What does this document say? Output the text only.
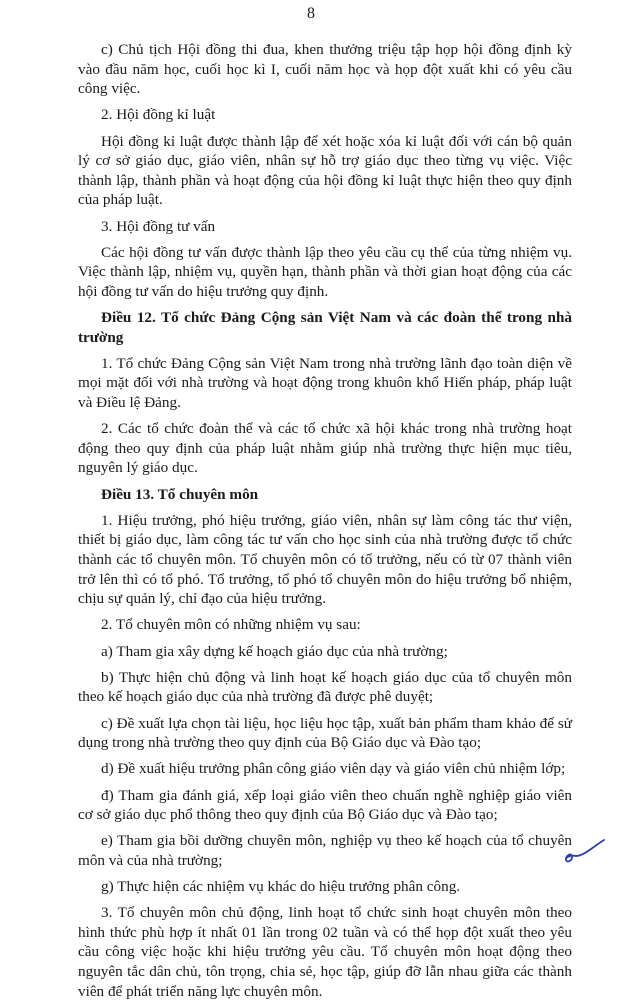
8

c) Chủ tịch Hội đồng thi đua, khen thưởng triệu tập họp hội đồng định kỳ vào đầu năm học, cuối học kì I, cuối năm học và họp đột xuất khi có yêu cầu công việc.

2. Hội đồng kỉ luật

Hội đồng kỉ luật được thành lập để xét hoặc xóa kỉ luật đối với cán bộ quản lý cơ sở giáo dục, giáo viên, nhân sự hỗ trợ giáo dục theo từng vụ việc. Việc thành lập, thành phần và hoạt động của hội đồng kỉ luật thực hiện theo quy định của pháp luật.

3. Hội đồng tư vấn

Các hội đồng tư vấn được thành lập theo yêu cầu cụ thể của từng nhiệm vụ. Việc thành lập, nhiệm vụ, quyền hạn, thành phần và thời gian hoạt động của các hội đồng tư vấn do hiệu trưởng quy định.

Điều 12. Tổ chức Đảng Cộng sản Việt Nam và các đoàn thể trong nhà trường

1. Tổ chức Đảng Cộng sản Việt Nam trong nhà trường lãnh đạo toàn diện về mọi mặt đối với nhà trường và hoạt động trong khuôn khổ Hiến pháp, pháp luật và Điều lệ Đảng.

2. Các tổ chức đoàn thể và các tổ chức xã hội khác trong nhà trường hoạt động theo quy định của pháp luật nhằm giúp nhà trường thực hiện mục tiêu, nguyên lý giáo dục.

Điều 13. Tổ chuyên môn

1. Hiệu trưởng, phó hiệu trưởng, giáo viên, nhân sự làm công tác thư viện, thiết bị giáo dục, làm công tác tư vấn cho học sinh của nhà trường được tổ chức thành các tổ chuyên môn. Tổ chuyên môn có tổ trưởng, nếu có từ 07 thành viên trở lên thì có tổ phó. Tổ trưởng, tổ phó tổ chuyên môn do hiệu trưởng bổ nhiệm, chịu sự quản lý, chỉ đạo của hiệu trưởng.

2. Tổ chuyên môn có những nhiệm vụ sau:

a) Tham gia xây dựng kế hoạch giáo dục của nhà trường;

b) Thực hiện chủ động và linh hoạt kế hoạch giáo dục của tổ chuyên môn theo kế hoạch giáo dục của nhà trường đã được phê duyệt;

c) Đề xuất lựa chọn tài liệu, học liệu học tập, xuất bản phẩm tham khảo để sử dụng trong nhà trường theo quy định của Bộ Giáo dục và Đào tạo;

d) Đề xuất hiệu trưởng phân công giáo viên dạy và giáo viên chủ nhiệm lớp;

đ) Tham gia đánh giá, xếp loại giáo viên theo chuẩn nghề nghiệp giáo viên cơ sở giáo dục phổ thông theo quy định của Bộ Giáo dục và Đào tạo;

e) Tham gia bồi dưỡng chuyên môn, nghiệp vụ theo kế hoạch của tổ chuyên môn và của nhà trường;

g) Thực hiện các nhiệm vụ khác do hiệu trưởng phân công.

3. Tổ chuyên môn chủ động, linh hoạt tổ chức sinh hoạt chuyên môn theo hình thức phù hợp ít nhất 01 lần trong 02 tuần và có thể họp đột xuất theo yêu cầu công việc hoặc khi hiệu trưởng yêu cầu. Tổ chuyên môn hoạt động theo nguyên tắc dân chủ, tôn trọng, chia sẻ, học tập, giúp đỡ lẫn nhau giữa các thành viên để phát triển năng lực chuyên môn.
